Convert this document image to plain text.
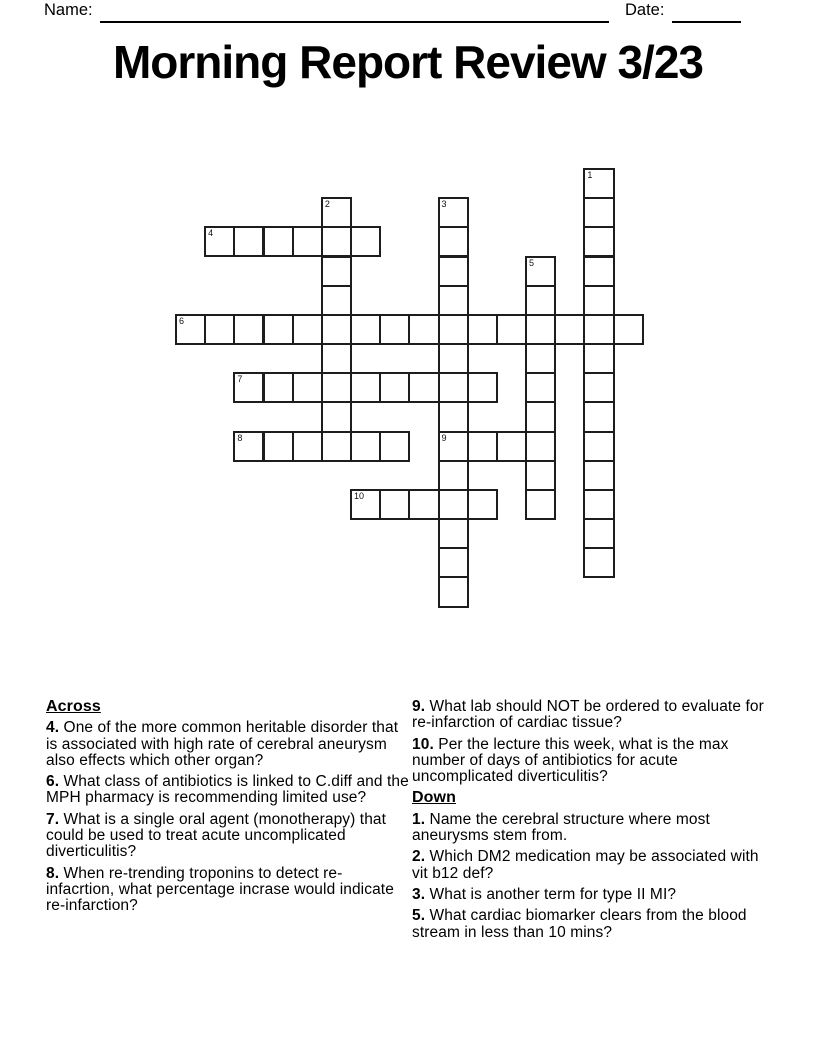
Name:	Date:
Morning Report Review 3/23
1
2	3
4
5
6
7
8	9
10
Across

4. One of the more common heritable disorder that is associated with high rate of cerebral aneurysm also effects which other organ?

6. What class of antibiotics is linked to C.diff and the MPH pharmacy is recommending limited use?

7. What is a single oral agent (monotherapy) that could be used to treat acute uncomplicated diverticulitis?

8. When re-trending troponins to detect re-infacrtion, what percentage incrase would indicate re-infarction?

9. What lab should NOT be ordered to evaluate for re-infarction of cardiac tissue?

10. Per the lecture this week, what is the max number of days of antibiotics for acute uncomplicated diverticulitis?

Down

1. Name the cerebral structure where most aneurysms stem from.

2. Which DM2 medication may be associated with vit b12 def?

3. What is another term for type II MI?

5. What cardiac biomarker clears from the blood stream in less than 10 mins?
